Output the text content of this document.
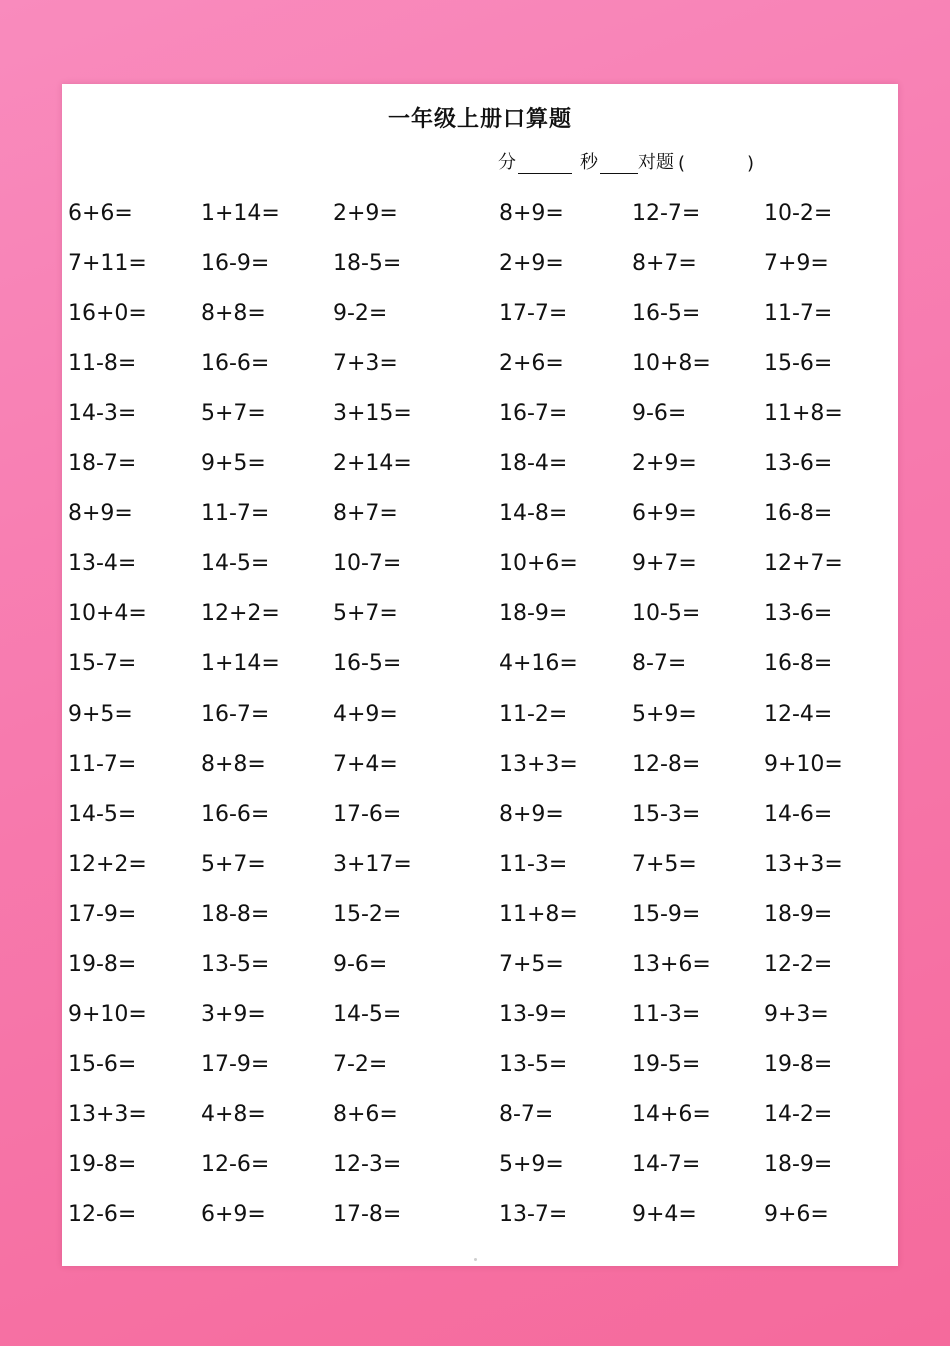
一年级上册口算题
分	秒 对题 (	)
6+6=	1+14= 2+9=	8+9=	12-7=	10-2=
7+11= 16-9=	18-5=	2+9=	8+7=	7+9=
16+0= 8+8=	9-2=	17-7=	16-5=	11-7=
11-8=	16-6=	7+3=	2+6=	10+8= 15-6=
14-3=	5+7=	3+15=	16-7=	9-6=	11+8=
18-7=	9+5=	2+14=	18-4=	2+9=	13-6=
8+9=	11-7=	8+7=	14-8=	6+9=	16-8=
13-4=	14-5=	10-7=	10+6= 9+7=	12+7=
10+4= 12+2= 5+7=	18-9=	10-5=	13-6=
15-7=	1+14= 16-5=	4+16= 8-7=	16-8=
9+5=	16-7=	4+9=	11-2=	5+9=	12-4=
11-7=	8+8=	7+4=	13+3= 12-8=	9+10=
14-5=	16-6=	17-6=	8+9=	15-3=	14-6=
12+2= 5+7=	3+17=	11-3=	7+5=	13+3=
17-9=	18-8=	15-2=	11+8= 15-9=	18-9=
19-8=	13-5=	9-6=	7+5=	13+6= 12-2=
9+10= 3+9=	14-5=	13-9=	11-3=	9+3=
15-6=	17-9=	7-2=	13-5=	19-5=	19-8=
13+3= 4+8=	8+6=	8-7=	14+6= 14-2=
19-8=	12-6=	12-3=	5+9=	14-7=	18-9=
12-6=	6+9=	17-8=	13-7=	9+4=	9+6=
